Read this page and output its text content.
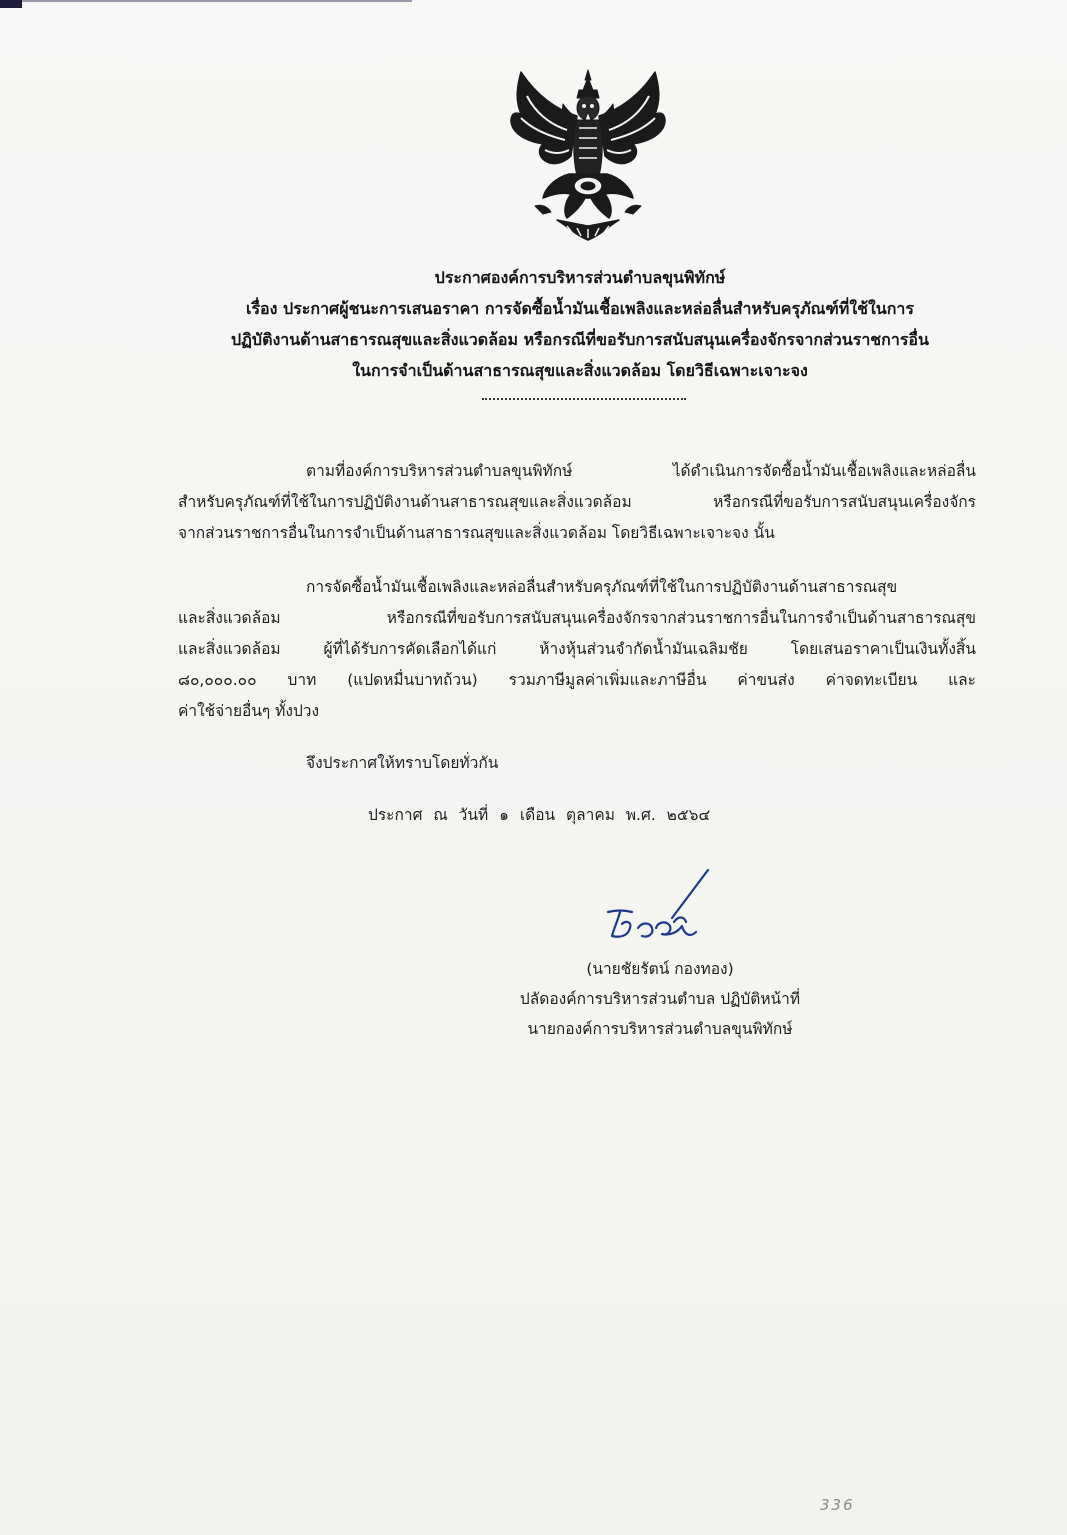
ประกาศองค์การบริหารส่วนตำบลขุนพิทักษ์
เรื่อง ประกาศผู้ชนะการเสนอราคา การจัดซื้อน้ำมันเชื้อเพลิงและหล่อลื่นสำหรับครุภัณฑ์ที่ใช้ในการ
ปฏิบัติงานด้านสาธารณสุขและสิ่งแวดล้อม หรือกรณีที่ขอรับการสนับสนุนเครื่องจักรจากส่วนราชการอื่น
ในการจำเป็นด้านสาธารณสุขและสิ่งแวดล้อม โดยวิธีเฉพาะเจาะจง
ตามที่องค์การบริหารส่วนตำบลขุนพิทักษ์ ได้ดำเนินการจัดซื้อน้ำมันเชื้อเพลิงและหล่อลื่น
สำหรับครุภัณฑ์ที่ใช้ในการปฏิบัติงานด้านสาธารณสุขและสิ่งแวดล้อม หรือกรณีที่ขอรับการสนับสนุนเครื่องจักร
จากส่วนราชการอื่นในการจำเป็นด้านสาธารณสุขและสิ่งแวดล้อม โดยวิธีเฉพาะเจาะจง นั้น
การจัดซื้อน้ำมันเชื้อเพลิงและหล่อลื่นสำหรับครุภัณฑ์ที่ใช้ในการปฏิบัติงานด้านสาธารณสุข
และสิ่งแวดล้อม หรือกรณีที่ขอรับการสนับสนุนเครื่องจักรจากส่วนราชการอื่นในการจำเป็นด้านสาธารณสุข
และสิ่งแวดล้อม ผู้ที่ได้รับการคัดเลือกได้แก่ ห้างหุ้นส่วนจำกัดน้ำมันเฉลิมชัย โดยเสนอราคาเป็นเงินทั้งสิ้น
๘๐,๐๐๐.๐๐ บาท (แปดหมื่นบาทถ้วน) รวมภาษีมูลค่าเพิ่มและภาษีอื่น ค่าขนส่ง ค่าจดทะเบียน และ
ค่าใช้จ่ายอื่นๆ ทั้งปวง
จึงประกาศให้ทราบโดยทั่วกัน
ประกาศ ณ วันที่ ๑ เดือน ตุลาคม พ.ศ. ๒๕๖๔
(นายชัยรัตน์ กองทอง)
ปลัดองค์การบริหารส่วนตำบล ปฏิบัติหน้าที่
นายกองค์การบริหารส่วนตำบลขุนพิทักษ์
336
